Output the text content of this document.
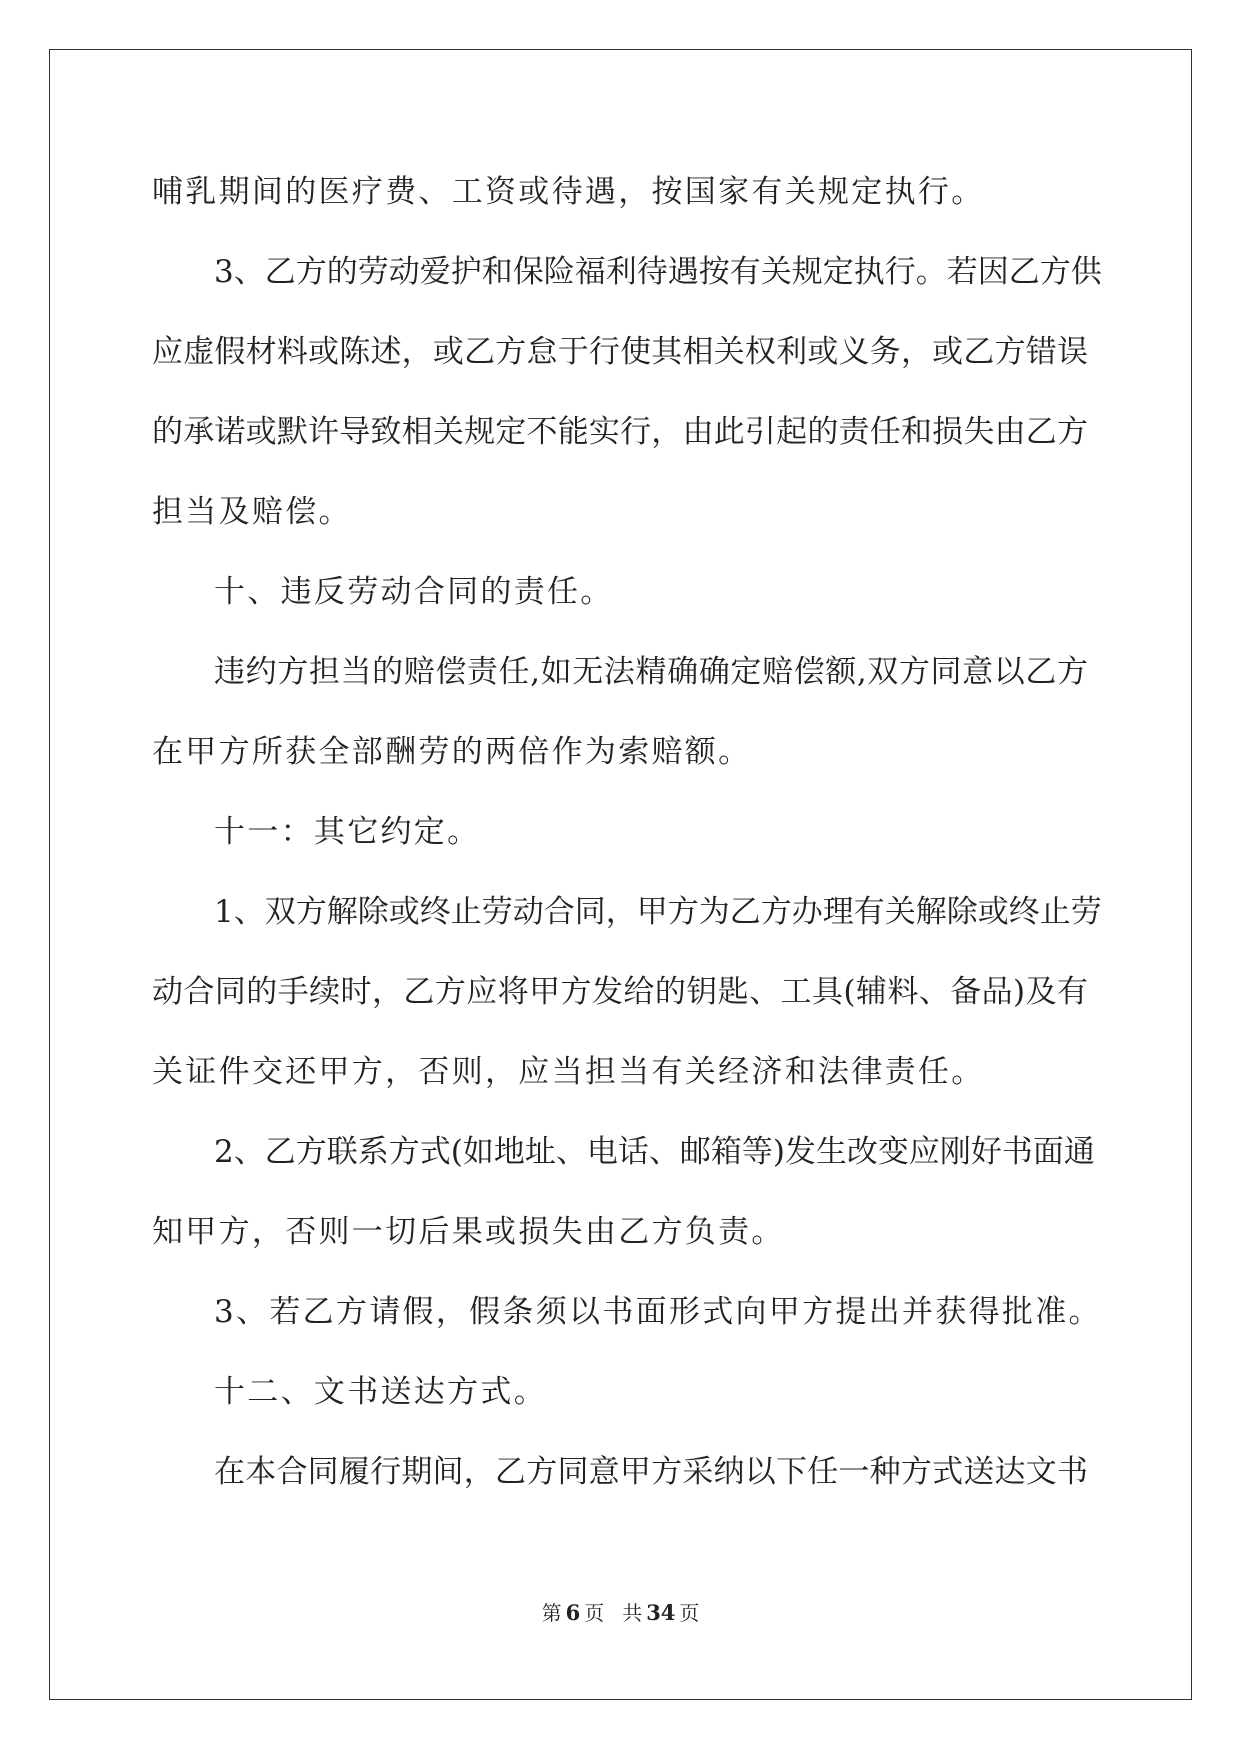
哺乳期间的医疗费、工资或待遇，按国家有关规定执行。
3、乙方的劳动爱护和保险福利待遇按有关规定执行。若因乙方供
应虚假材料或陈述，或乙方怠于行使其相关权利或义务，或乙方错误
的承诺或默许导致相关规定不能实行，由此引起的责任和损失由乙方
担当及赔偿。
十、违反劳动合同的责任。
违约方担当的赔偿责任,如无法精确确定赔偿额,双方同意以乙方
在甲方所获全部酬劳的两倍作为索赔额。
十一：其它约定。
1、双方解除或终止劳动合同，甲方为乙方办理有关解除或终止劳
动合同的手续时，乙方应将甲方发给的钥匙、工具(辅料、备品)及有
关证件交还甲方，否则，应当担当有关经济和法律责任。
2、乙方联系方式(如地址、电话、邮箱等)发生改变应刚好书面通
知甲方，否则一切后果或损失由乙方负责。
3、若乙方请假，假条须以书面形式向甲方提出并获得批准。
十二、文书送达方式。
在本合同履行期间，乙方同意甲方采纳以下任一种方式送达文书
第 6 页 共 34 页
